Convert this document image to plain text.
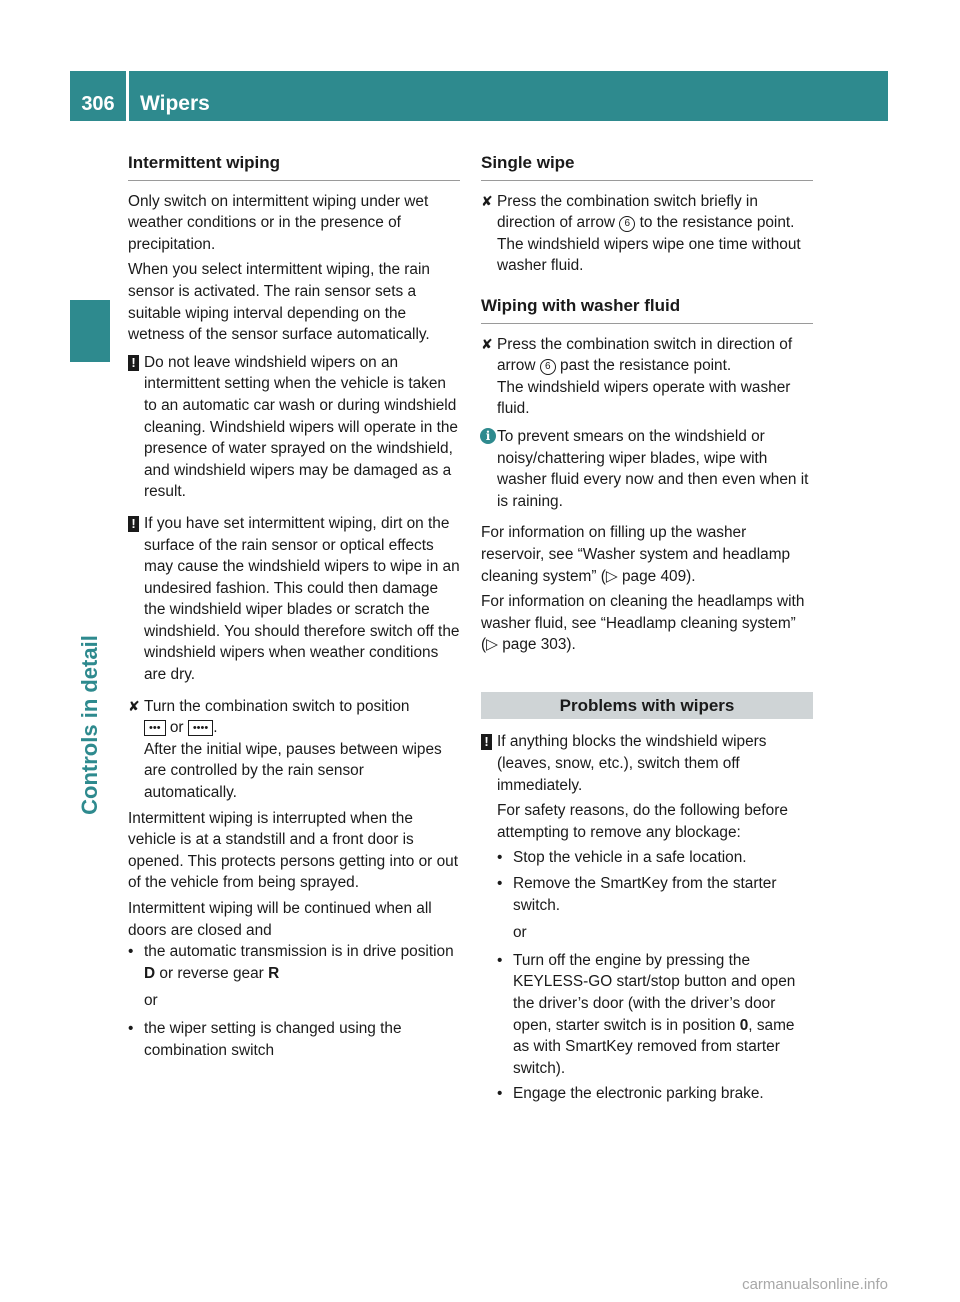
306	Wipers
Controls in detail
Intermittent wiping

Only switch on intermittent wiping under wet weather conditions or in the presence of precipitation.

When you select intermittent wiping, the rain sensor is activated. The rain sensor sets a suitable wiping interval depending on the wetness of the sensor surface automatically.

! Do not leave windshield wipers on an intermittent setting when the vehicle is taken to an automatic car wash or during windshield cleaning. Windshield wipers will operate in the presence of water sprayed on the windshield, and windshield wipers may be damaged as a result.
! If you have set intermittent wiping, dirt on the surface of the rain sensor or optical effects may cause the windshield wipers to wipe in an undesired fashion. This could then damage the windshield wiper blades or scratch the windshield. You should therefore switch off the windshield wipers when weather conditions are dry.
✘ Turn the combination switch to position
••• or •••• .
After the initial wipe, pauses between wipes are controlled by the rain sensor automatically.

Intermittent wiping is interrupted when the vehicle is at a standstill and a front door is opened. This protects persons getting into or out of the vehicle from being sprayed.

Intermittent wiping will be continued when all doors are closed and

• the automatic transmission is in drive position D or reverse gear R
or
• the wiper setting is changed using the combination switch
Single wipe
✘ Press the combination switch briefly in direction of arrow 6 to the resistance point.
The windshield wipers wipe one time without washer fluid.
Wiping with washer fluid
✘ Press the combination switch in direction of arrow 6 past the resistance point.
The windshield wipers operate with washer fluid.
i To prevent smears on the windshield or noisy/chattering wiper blades, wipe with washer fluid every now and then even when it is raining.

For information on filling up the washer reservoir, see “Washer system and headlamp cleaning system” (▷ page 409).

For information on cleaning the headlamps with washer fluid, see “Headlamp cleaning system” (▷ page 303).

Problems with wipers
! If anything blocks the windshield wipers (leaves, snow, etc.), switch them off immediately.

For safety reasons, do the following before attempting to remove any blockage:

• Stop the vehicle in a safe location.
• Remove the SmartKey from the starter switch.
or
• Turn off the engine by pressing the KEYLESS-GO start/stop button and open the driver’s door (with the driver’s door open, starter switch is in position 0, same as with SmartKey removed from starter switch).
• Engage the electronic parking brake.
carmanualsonline.info
